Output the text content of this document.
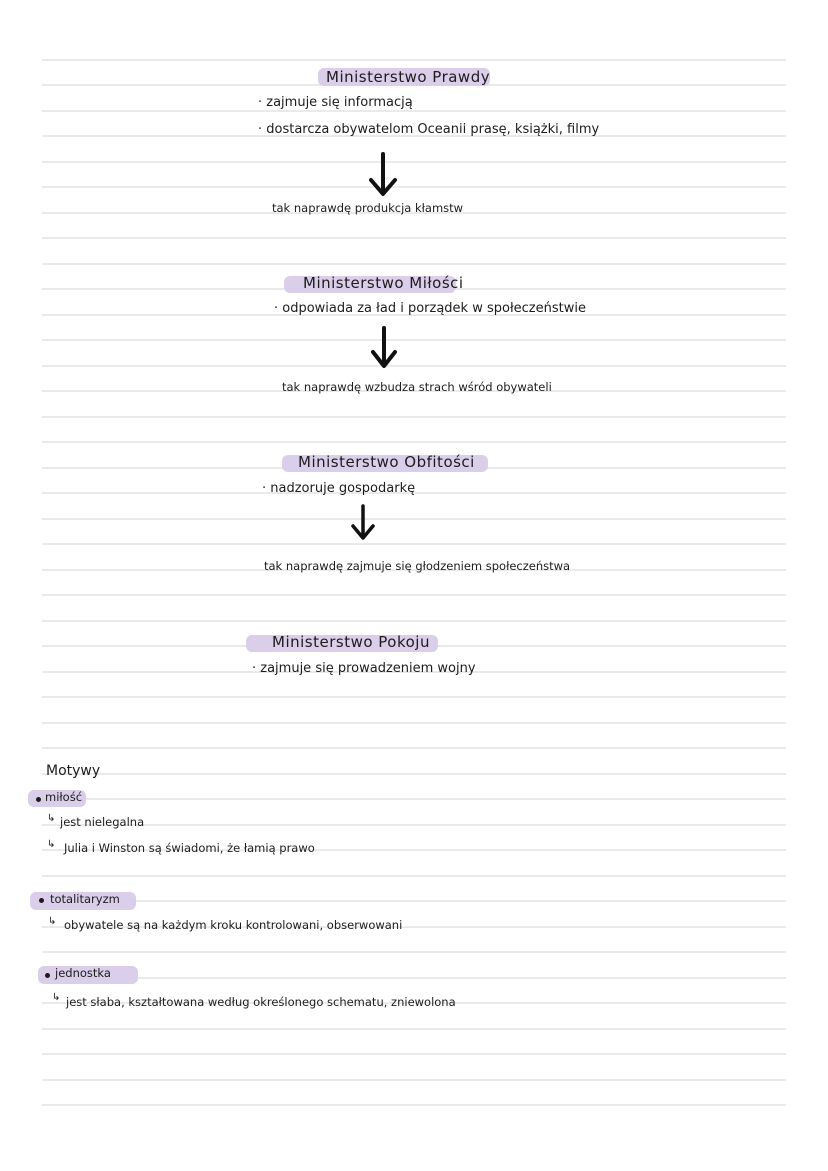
Ministerstwo Prawdy
· zajmuje się informacją
· dostarcza obywatelom Oceanii prasę, książki, filmy
tak naprawdę produkcja kłamstw
Ministerstwo Miłości
· odpowiada za ład i porządek w społeczeństwie
tak naprawdę wzbudza strach wśród obywateli
Ministerstwo Obfitości
· nadzoruje gospodarkę
tak naprawdę zajmuje się głodzeniem społeczeństwa
Ministerstwo Pokoju
· zajmuje się prowadzeniem wojny
Motywy
miłość
↳ jest nielegalna
↳ Julia i Winston są świadomi, że łamią prawo
totalitaryzm
↳ obywatele są na każdym kroku kontrolowani, obserwowani
jednostka
↳ jest słaba, kształtowana według określonego schematu, zniewolona
